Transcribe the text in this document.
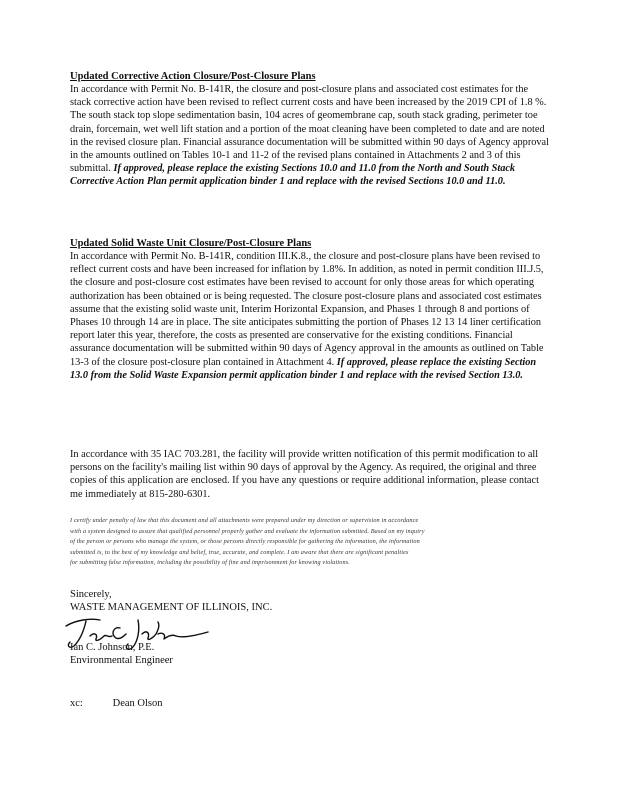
Updated Corrective Action Closure/Post-Closure Plans

In accordance with Permit No. B-141R, the closure and post-closure plans and associated cost estimates for the stack corrective action have been revised to reflect current costs and have been increased by the 2019 CPI of 1.8 %. The south stack top slope sedimentation basin, 104 acres of geomembrane cap, south stack grading, perimeter toe drain, forcemain, wet well lift station and a portion of the moat cleaning have been completed to date and are noted in the revised closure plan. Financial assurance documentation will be submitted within 90 days of Agency approval in the amounts outlined on Tables 10-1 and 11-2 of the revised plans contained in Attachments 2 and 3 of this submittal. If approved, please replace the existing Sections 10.0 and 11.0 from the North and South Stack Corrective Action Plan permit application binder 1 and replace with the revised Sections 10.0 and 11.0.

Updated Solid Waste Unit Closure/Post-Closure Plans

In accordance with Permit No. B-141R, condition III.K.8., the closure and post-closure plans have been revised to reflect current costs and have been increased for inflation by 1.8%. In addition, as noted in permit condition III.J.5, the closure and post-closure cost estimates have been revised to account for only those areas for which operating authorization has been obtained or is being requested. The closure post-closure plans and associated cost estimates assume that the existing solid waste unit, Interim Horizontal Expansion, and Phases 1 through 8 and portions of Phases 10 through 14 are in place. The site anticipates submitting the portion of Phases 12 13 14 liner certification report later this year, therefore, the costs as presented are conservative for the existing conditions. Financial assurance documentation will be submitted within 90 days of Agency approval in the amounts as outlined on Table 13-3 of the closure post-closure plan contained in Attachment 4. If approved, please replace the existing Section 13.0 from the Solid Waste Expansion permit application binder 1 and replace with the revised Section 13.0.

In accordance with 35 IAC 703.281, the facility will provide written notification of this permit modification to all persons on the facility's mailing list within 90 days of approval by the Agency. As required, the original and three copies of this application are enclosed. If you have any questions or require additional information, please contact me immediately at 815-280-6301.

I certify under penalty of law that this document and all attachments were prepared under my direction or supervision in accordance
with a system designed to assure that qualified personnel properly gather and evaluate the information submitted. Based on my inquiry
of the person or persons who manage the system, or those persons directly responsible for gathering the information, the information
submitted is, to the best of my knowledge and belief, true, accurate, and complete. I am aware that there are significant penalties
for submitting false information, including the possibility of fine and imprisonment for knowing violations.
Sincerely,
WASTE MANAGEMENT OF ILLINOIS, INC.
Ian C. Johnson, P.E.
Environmental Engineer
xc:	Dean Olson
